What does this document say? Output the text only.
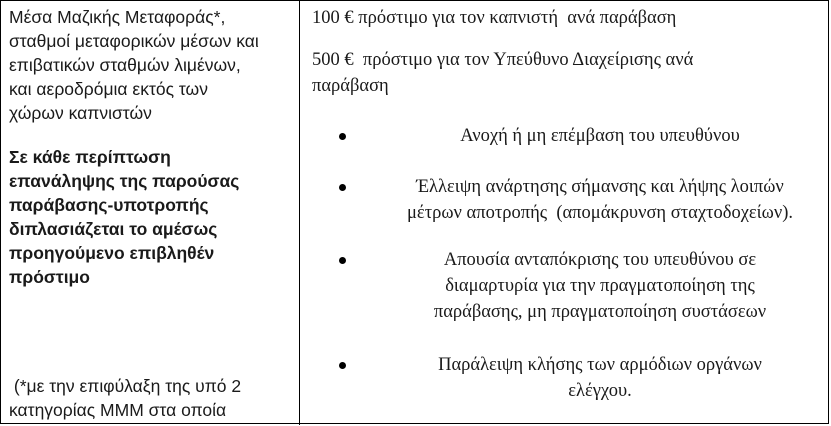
Μέσα Μαζικής Μεταφοράς*,
σταθμοί μεταφορικών μέσων και
επιβατικών σταθμών λιμένων,
και αεροδρόμια εκτός των
χώρων καπνιστών
Σε κάθε περίπτωση
επανάληψης της παρούσας
παράβασης-υποτροπής
διπλασιάζεται το αμέσως
προηγούμενο επιβληθέν
πρόστιμο
(*με την επιφύλαξη της υπό 2
κατηγορίας ΜΜΜ στα οποία

100 € πρόστιμο για τον καπνιστή  ανά παράβαση

500 €  πρόστιμο για τον Υπεύθυνο Διαχείρισης ανά
παράβαση
Ανοχή ή μη επέμβαση του υπευθύνου
Έλλειψη ανάρτησης σήμανσης και λήψης λοιπών
μέτρων αποτροπής  (απομάκρυνση σταχτοδοχείων).
Απουσία ανταπόκρισης του υπευθύνου σε
διαμαρτυρία για την πραγματοποίηση της
παράβασης, μη πραγματοποίηση συστάσεων
Παράλειψη κλήσης των αρμόδιων οργάνων
ελέγχου.
